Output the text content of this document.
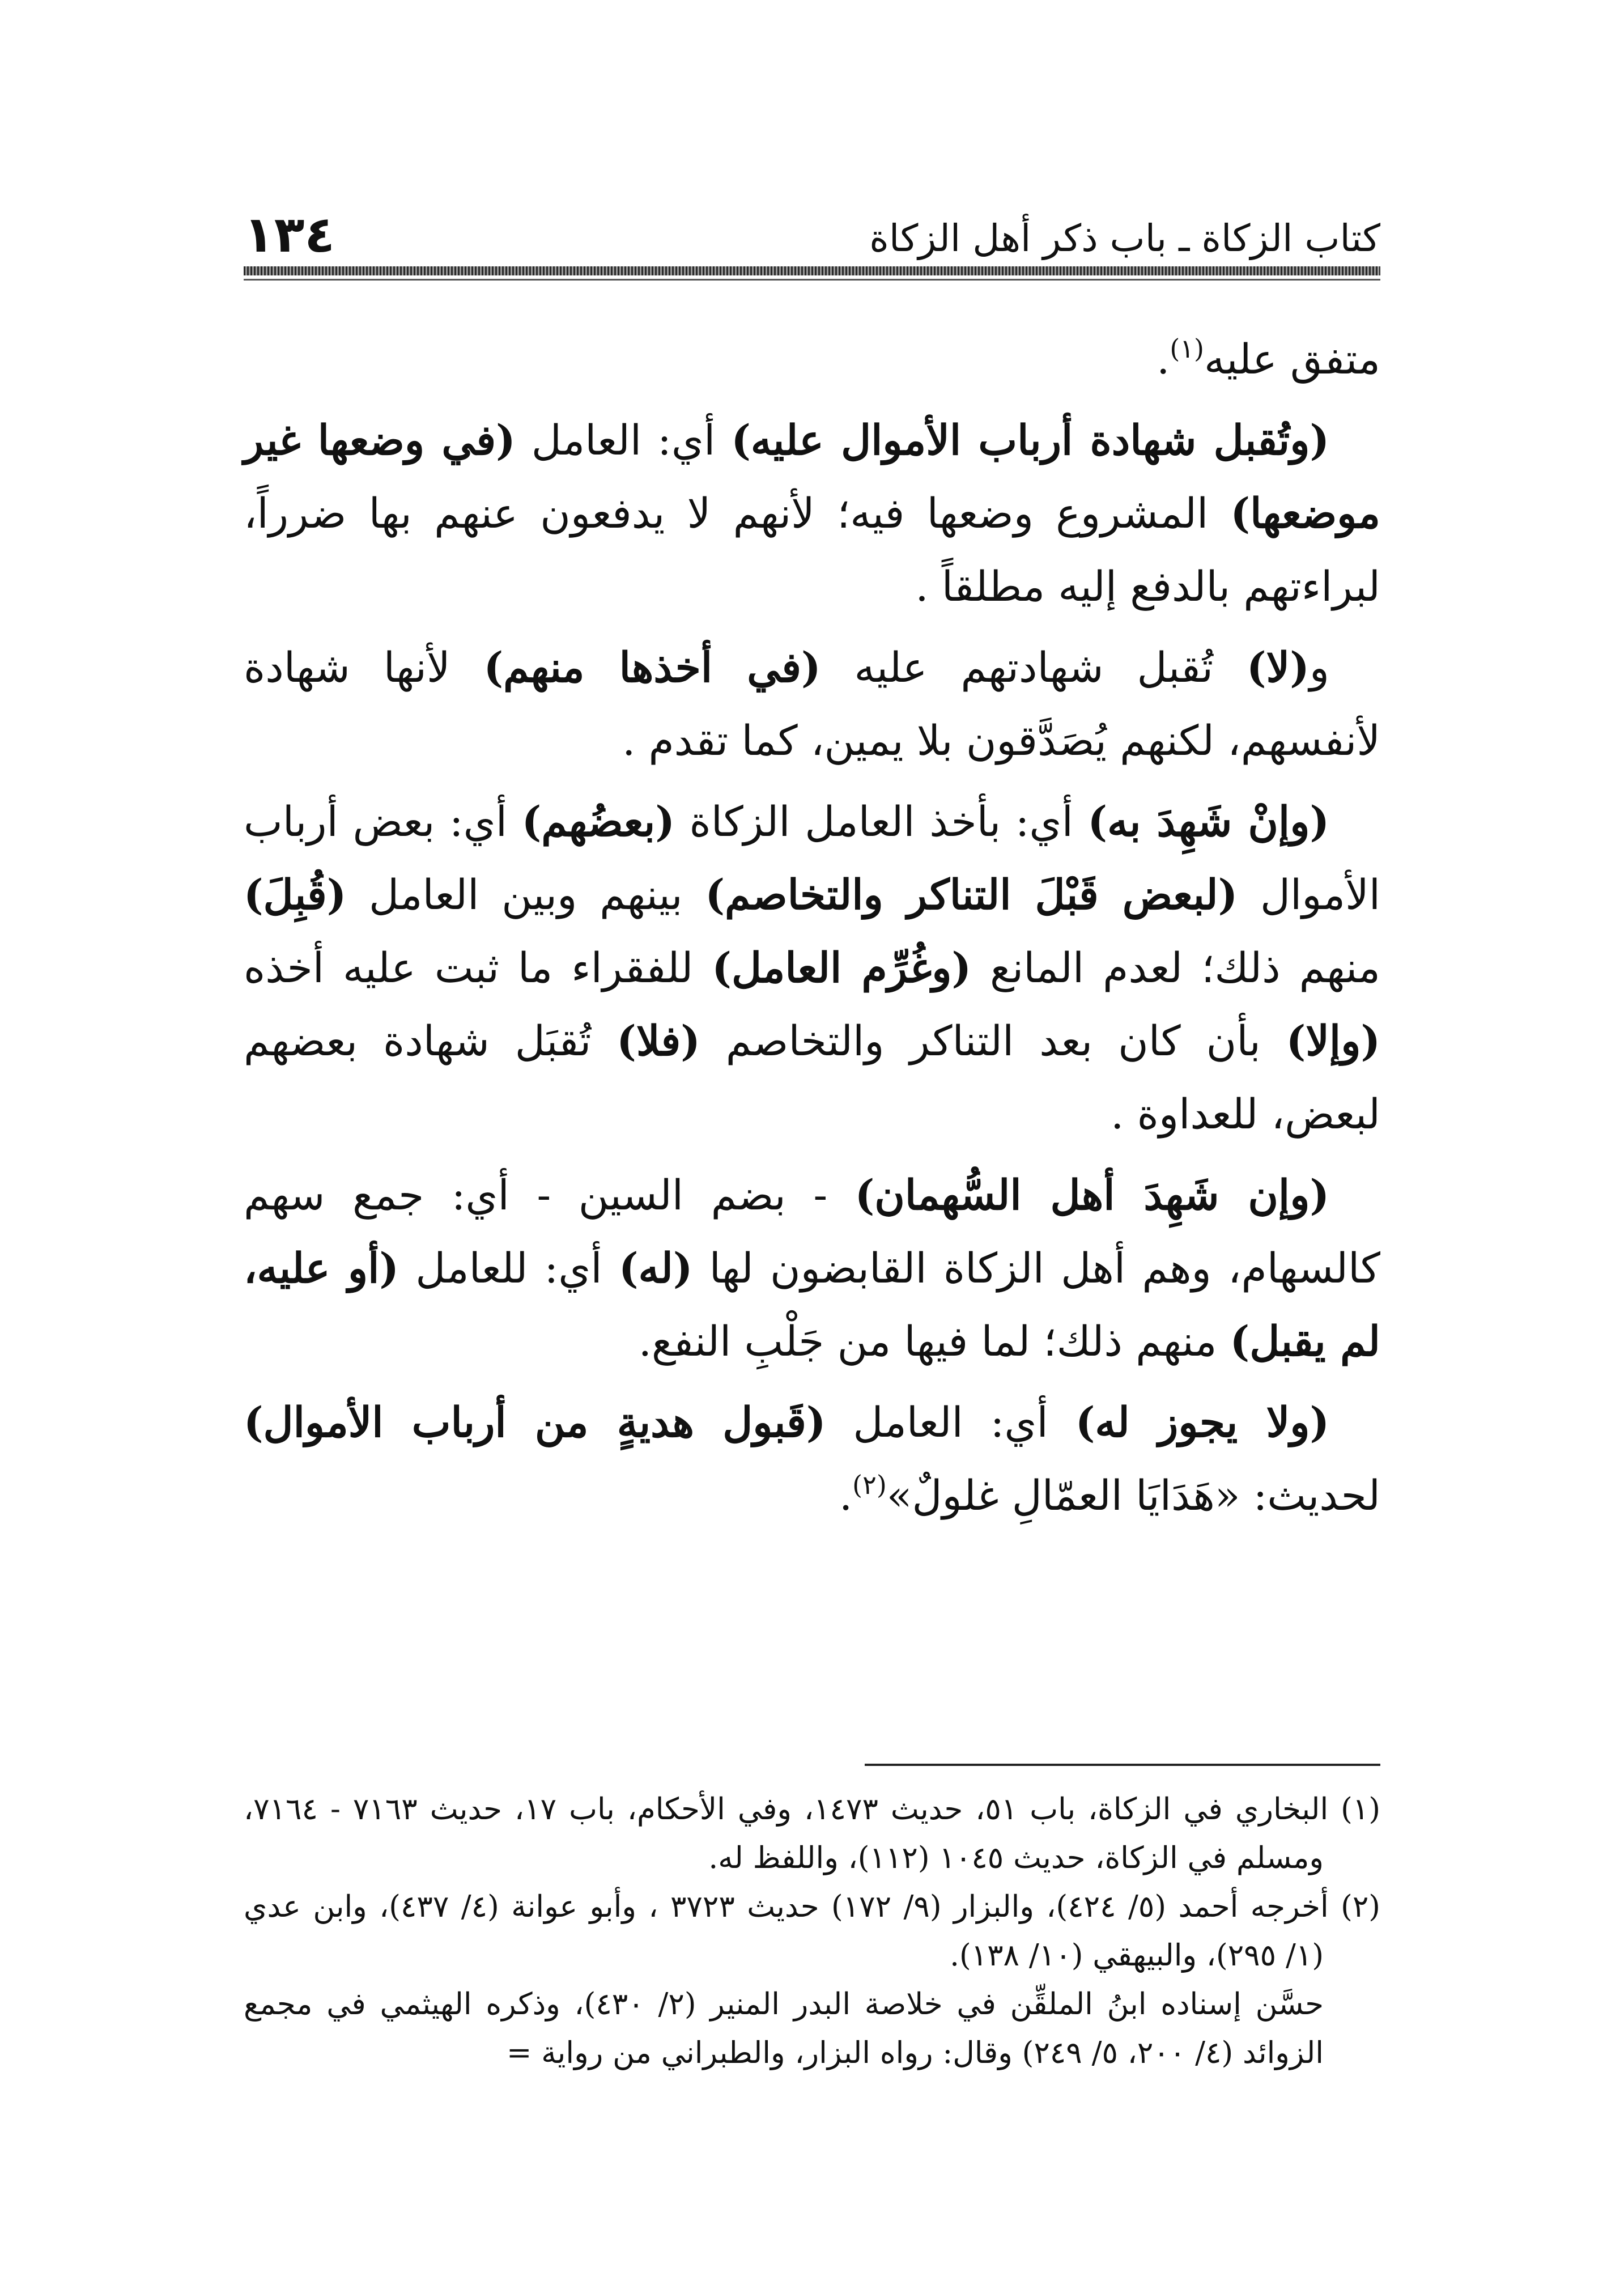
كتاب الزكاة ـ باب ذكر أهل الزكاة
١٣٤

متفق عليه$^{(١)}$.

(وتُقبل شهادة أرباب الأموال عليه) أي: العامل (في وضعها غير موضعها) المشروع وضعها فيه؛ لأنهم لا يدفعون عنهم بها ضرراً، لبراءتهم بالدفع إليه مطلقاً .

و(لا) تُقبل شهادتهم عليه (في أخذها منهم) لأنها شهادة لأنفسهم، لكنهم يُصَدَّقون بلا يمين، كما تقدم .

(وإنْ شَهِدَ به) أي: بأخذ العامل الزكاة (بعضُهم) أي: بعض أرباب الأموال (لبعض قَبْلَ التناكر والتخاصم) بينهم وبين العامل (قُبِلَ) منهم ذلك؛ لعدم المانع (وغُرِّم العامل) للفقراء ما ثبت عليه أخذه (وإلا) بأن كان بعد التناكر والتخاصم (فلا) تُقبَل شهادة بعضهم لبعض، للعداوة .

(وإن شَهِدَ أهل السُّهمان) - بضم السين - أي: جمع سهم كالسهام، وهم أهل الزكاة القابضون لها (له) أي: للعامل (أو عليه، لم يقبل) منهم ذلك؛ لما فيها من جَلْبِ النفع.

(ولا يجوز له) أي: العامل (قَبول هديةٍ من أرباب الأموال) لحديث: «هَدَايَا العمّالِ غلولٌ»$^{(٢)}$.

(١) البخاري في الزكاة، باب ٥١، حديث ١٤٧٣، وفي الأحكام، باب ١٧، حديث ٧١٦٣ - ٧١٦٤، ومسلم في الزكاة، حديث ١٠٤٥ (١١٢)، واللفظ له.

(٢) أخرجه أحمد (٥/ ٤٢٤)، والبزار (٩/ ١٧٢) حديث ٣٧٢٣ ، وأبو عوانة (٤/ ٤٣٧)، وابن عدي (١/ ٢٩٥)، والبيهقي (١٠/ ١٣٨).

حسَّن إسناده ابنُ الملقِّن في خلاصة البدر المنير (٢/ ٤٣٠)، وذكره الهيثمي في مجمع الزوائد (٤/ ٢٠٠، ٥/ ٢٤٩) وقال: رواه البزار، والطبراني من رواية =
